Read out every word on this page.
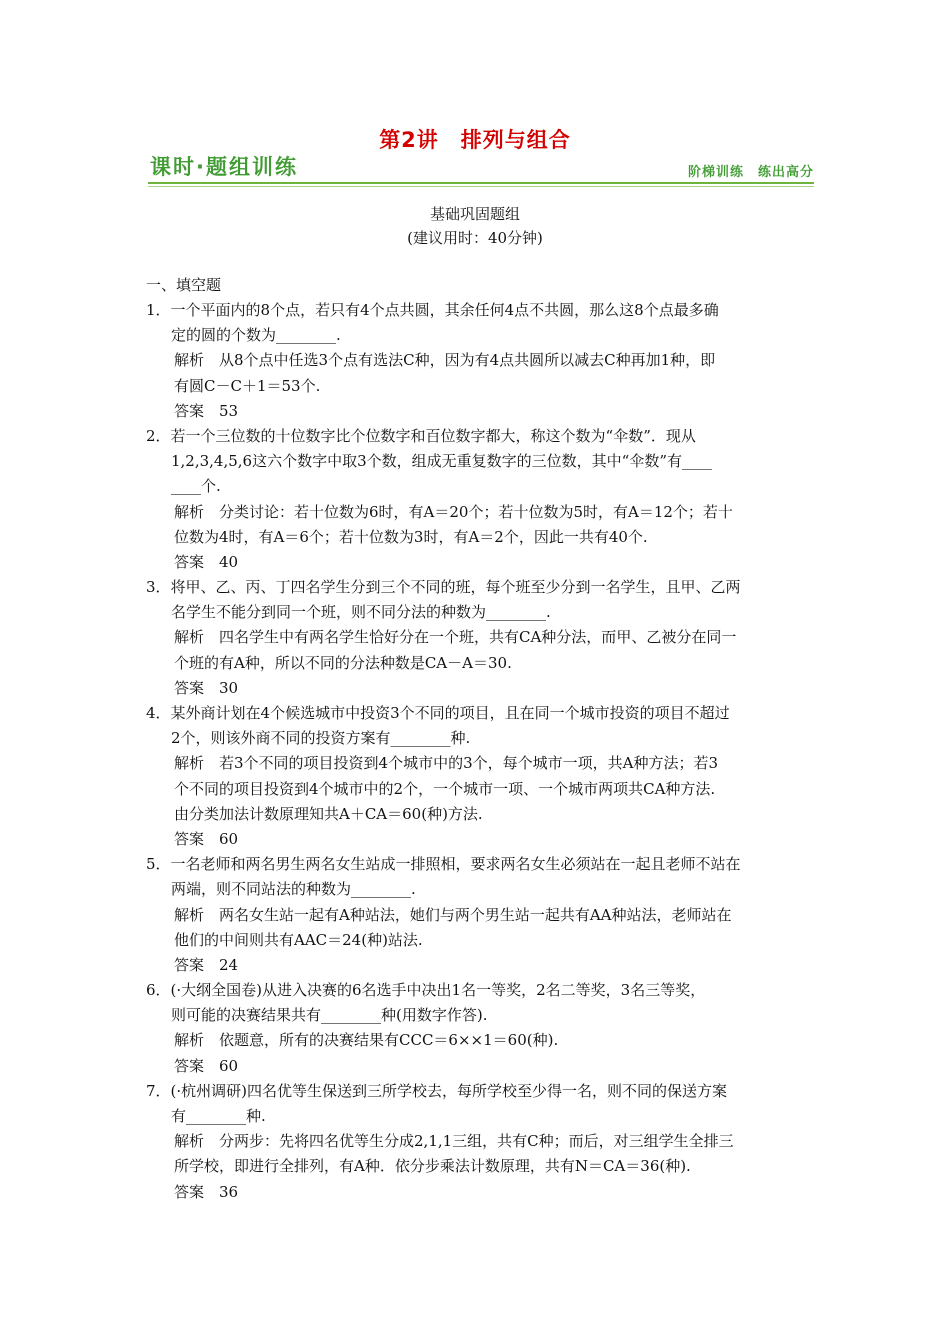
第2讲　排列与组合
课时·题组训练	阶梯训练　练出高分
基础巩固题组
(建议用时：40分钟)
一、填空题
1．一个平面内的8个点，若只有4个点共圆，其余任何4点不共圆，那么这8个点最多确
定的圆的个数为________.
解析　从8个点中任选3个点有选法C种，因为有4点共圆所以减去C种再加1种，即
有圆C－C＋1＝53个.
答案　53
2．若一个三位数的十位数字比个位数字和百位数字都大，称这个数为“伞数”．现从
1,2,3,4,5,6这六个数字中取3个数，组成无重复数字的三位数，其中“伞数”有____
____个.
解析　分类讨论：若十位数为6时，有A＝20个；若十位数为5时，有A＝12个；若十
位数为4时，有A＝6个；若十位数为3时，有A＝2个，因此一共有40个.
答案　40
3．将甲、乙、丙、丁四名学生分到三个不同的班，每个班至少分到一名学生，且甲、乙两
名学生不能分到同一个班，则不同分法的种数为________.
解析　四名学生中有两名学生恰好分在一个班，共有CA种分法，而甲、乙被分在同一
个班的有A种，所以不同的分法种数是CA－A＝30.
答案　30
4．某外商计划在4个候选城市中投资3个不同的项目，且在同一个城市投资的项目不超过
2个，则该外商不同的投资方案有________种.
解析　若3个不同的项目投资到4个城市中的3个，每个城市一项，共A种方法；若3
个不同的项目投资到4个城市中的2个，一个城市一项、一个城市两项共CA种方法.
由分类加法计数原理知共A＋CA＝60(种)方法.
答案　60
5．一名老师和两名男生两名女生站成一排照相，要求两名女生必须站在一起且老师不站在
两端，则不同站法的种数为________.
解析　两名女生站一起有A种站法，她们与两个男生站一起共有AA种站法，老师站在
他们的中间则共有AAC＝24(种)站法.
答案　24
6．(·大纲全国卷)从进入决赛的6名选手中决出1名一等奖，2名二等奖，3名三等奖，
则可能的决赛结果共有________种(用数字作答).
解析　依题意，所有的决赛结果有CCC＝6××1＝60(种).
答案　60
7．(·杭州调研)四名优等生保送到三所学校去，每所学校至少得一名，则不同的保送方案
有________种.
解析　分两步：先将四名优等生分成2,1,1三组，共有C种；而后，对三组学生全排三
所学校，即进行全排列，有A种．依分步乘法计数原理，共有N＝CA＝36(种).
答案　36
